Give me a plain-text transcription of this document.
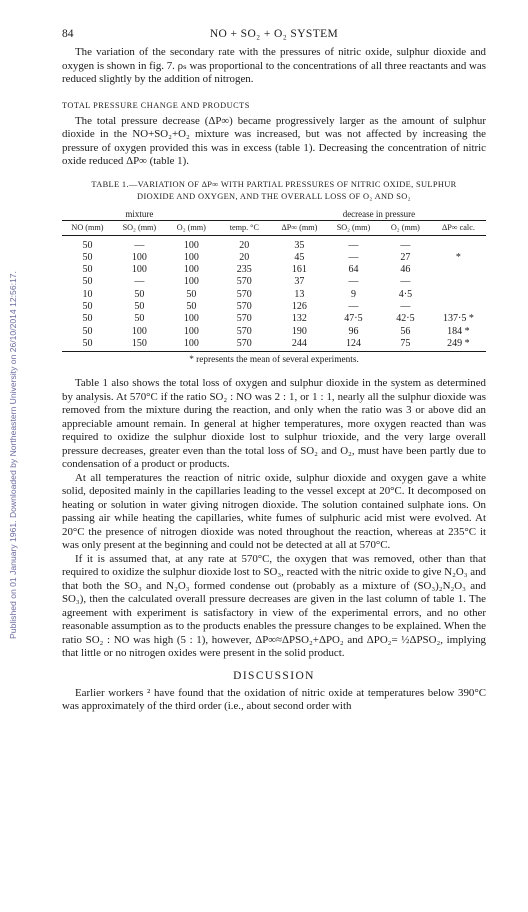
Published on 01 January 1961. Downloaded by Northeastern University on 26/10/2014 12:56:17.
84	NO + SO₂ + O₂ SYSTEM

The variation of the secondary rate with the pressures of nitric oxide, sulphur dioxide and oxygen is shown in fig. 7. ρₛ was proportional to the concentrations of all three reactants and was reduced slightly by the addition of nitrogen.

TOTAL PRESSURE CHANGE AND PRODUCTS

The total pressure decrease (ΔP∞) became progressively larger as the amount of sulphur dioxide in the NO+SO₂+O₂ mixture was increased, but was not affected by increasing the pressure of oxygen provided this was in excess (table 1). Decreasing the concentration of nitric oxide reduced ΔP∞ (table 1).

TABLE 1.—VARIATION OF ΔP∞ WITH PARTIAL PRESSURES OF NITRIC OXIDE, SULPHUR
DIOXIDE AND OXYGEN, AND THE OVERALL LOSS OF O₂ AND SO₂
mixture				decrease in pressure			
NO (mm)	SO₂ (mm)	O₂ (mm)	temp. °C	ΔP∞ (mm)	SO₂ (mm)	O₂ (mm)	ΔP∞ calc.
50	—	100	20	35	—	—	
50	100	100	20	45	—	27	*
50	100	100	235	161	64	46	
50	—	100	570	37	—	—	
10	50	50	570	13	9	4·5	
50	50	50	570	126	—	—	
50	50	100	570	132	47·5	42·5	137·5 *
50	100	100	570	190	96	56	184 *
50	150	100	570	244	124	75	249 *
* represents the mean of several experiments.

Table 1 also shows the total loss of oxygen and sulphur dioxide in the system as determined by analysis. At 570°C if the ratio SO₂ : NO was 2 : 1, or 1 : 1, nearly all the sulphur dioxide was removed from the mixture during the reaction, and only when the ratio was 3 or above did an appreciable amount remain. In general at higher temperatures, more oxygen reacted than was required to oxidize the sulphur dioxide lost to sulphur trioxide, and the very large overall pressure decreases, greater even than the total loss of SO₂ and O₂, must have been partly due to condensation of a product or products.

At all temperatures the reaction of nitric oxide, sulphur dioxide and oxygen gave a white solid, deposited mainly in the capillaries leading to the vessel except at 20°C. It decomposed on heating or solution in water giving nitrogen dioxide. The solution contained sulphate ions. On passing air while heating the capillaries, white fumes of sulphuric acid mist were evolved. At 20°C the presence of nitrogen dioxide was noted throughout the reaction, whereas at 235°C it was only present at the beginning and could not be detected at all at 570°C.

If it is assumed that, at any rate at 570°C, the oxygen that was removed, other than that required to oxidize the sulphur dioxide lost to SO₃, reacted with the nitric oxide to give N₂O₃ and that both the SO₃ and N₂O₃ formed condense out (probably as a mixture of (SO₃)₂N₂O₃ and SO₃), then the calculated overall pressure decreases are given in the last column of table 1. The agreement with experiment is satisfactory in view of the experimental errors, and no other reasonable assumption as to the products enables the pressure changes to be explained. When the ratio SO₂ : NO was high (5 : 1), however, ΔP∞≈ΔPSO₂+ΔPO₂ and ΔPO₂= ½ΔPSO₂, implying that little or no nitrogen oxides were present in the solid product.

DISCUSSION

Earlier workers ² have found that the oxidation of nitric oxide at temperatures below 390°C was approximately of the third order (i.e., about second order with
